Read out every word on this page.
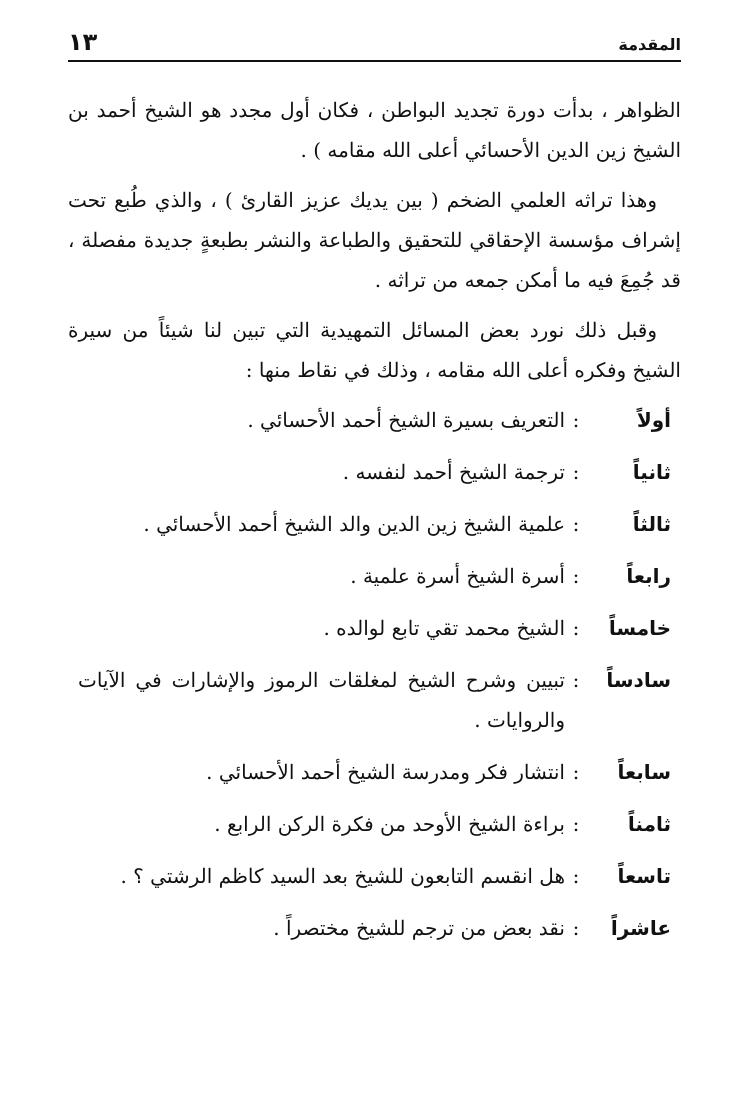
المقدمة
١٣

الظواهر ، بدأت دورة تجديد البواطن ، فكان أول مجدد هو الشيخ أحمد بن الشيخ زين الدين الأحسائي أعلى الله مقامه ) .

وهذا تراثه العلمي الضخم ( بين يديك عزيز القارئ ) ، والذي طُبع تحت إشراف مؤسسة الإحقاقي للتحقيق والطباعة والنشر بطبعةٍ جديدة مفصلة ، قد جُمِعَ فيه ما أمكن جمعه من تراثه .

وقبل ذلك نورد بعض المسائل التمهيدية التي تبين لنا شيئاً من سيرة الشيخ وفكره أعلى الله مقامه ، وذلك في نقاط منها :

أولاً
:
التعريف بسيرة الشيخ أحمد الأحسائي .
ثانياً
:
ترجمة الشيخ أحمد لنفسه .
ثالثاً
:
علمية الشيخ زين الدين والد الشيخ أحمد الأحسائي .
رابعاً
:
أسرة الشيخ أسرة علمية .
خامساً
:
الشيخ محمد تقي تابع لوالده .
سادساً
:
تبيين وشرح الشيخ لمغلقات الرموز والإشارات في الآيات والروايات .
سابعاً
:
انتشار فكر ومدرسة الشيخ أحمد الأحسائي .
ثامناً
:
براءة الشيخ الأوحد من فكرة الركن الرابع .
تاسعاً
:
هل انقسم التابعون للشيخ بعد السيد كاظم الرشتي ؟ .
عاشراً
:
نقد بعض من ترجم للشيخ مختصراً .
